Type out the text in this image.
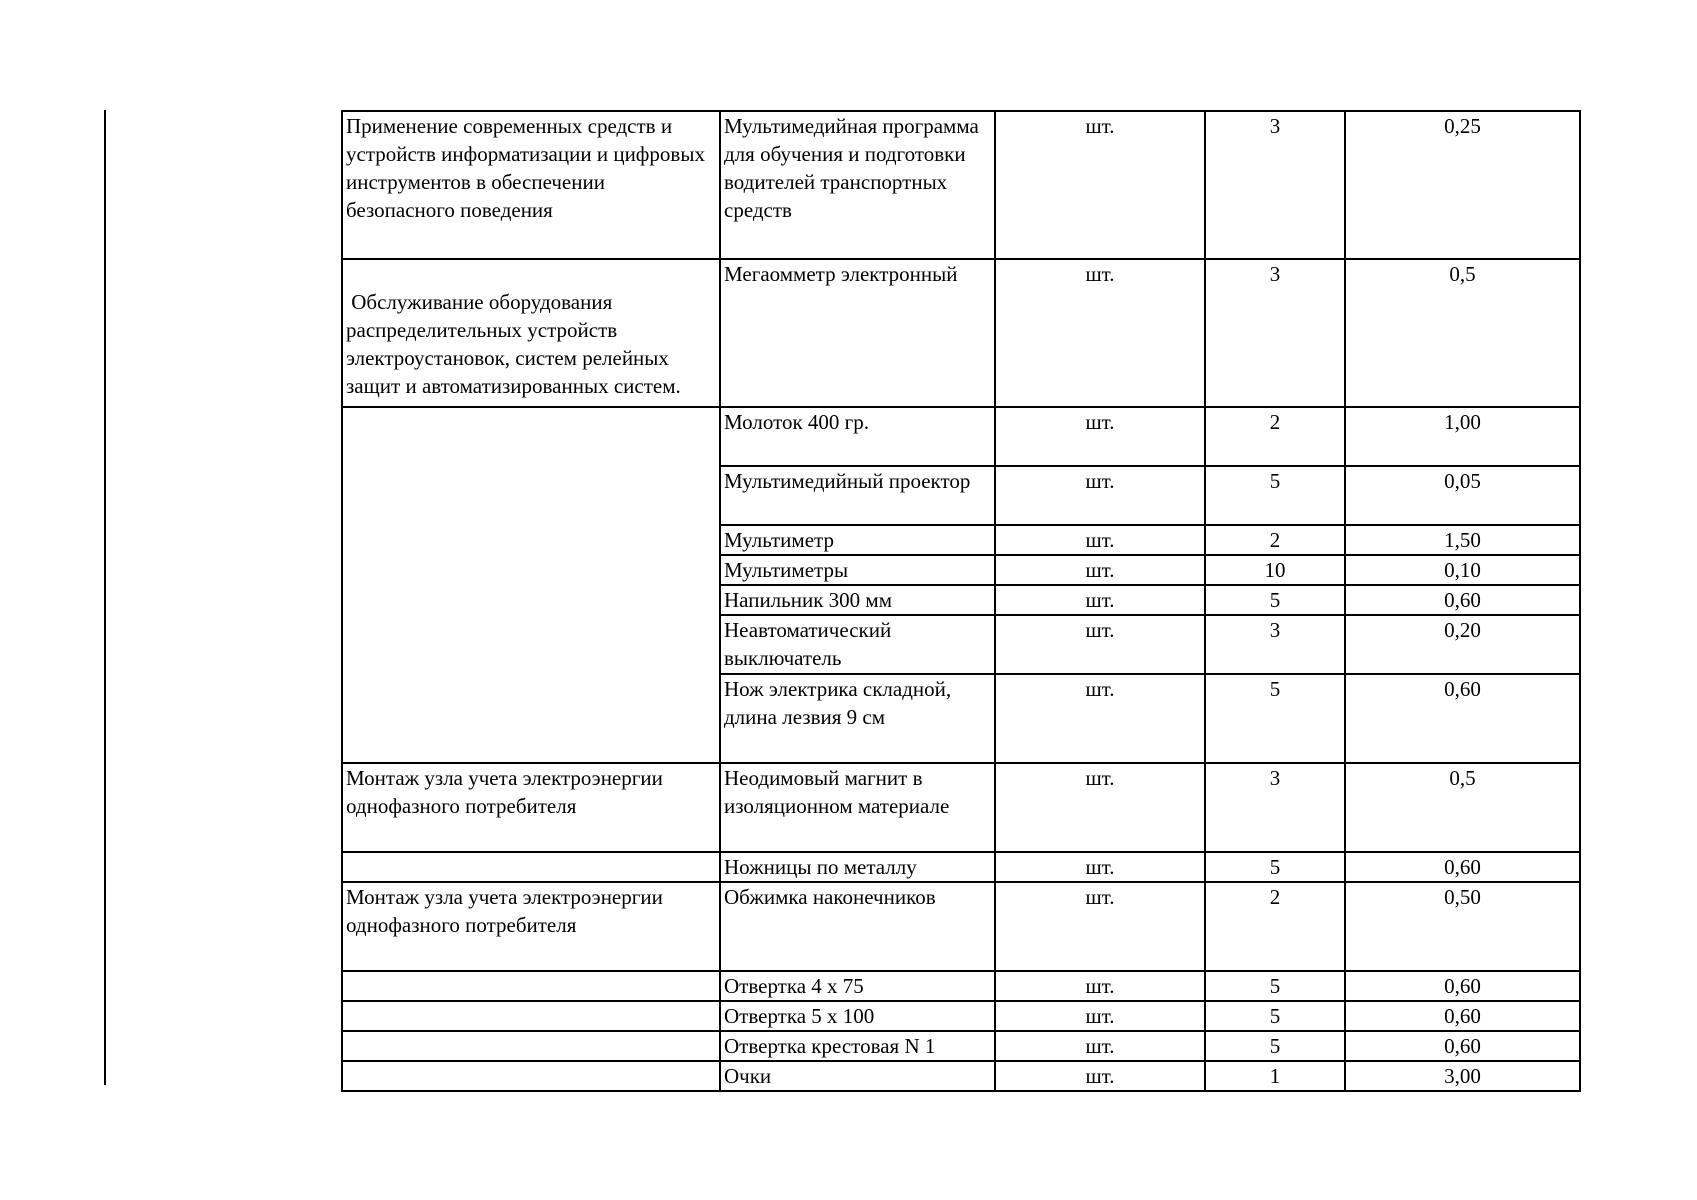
Применение современных средств и устройств информатизации и цифровых инструментов в обеспечении безопасного поведения	Мультимедийная программа для обучения и подготовки водителей транспортных средств	шт.	3	0,25
Обслуживание оборудования распределительных устройств электроустановок, систем релейных защит и автоматизированных систем.	Мегаомметр электронный	шт.	3	0,5
	Молоток 400 гр.	шт.	2	1,00
	Мультимедийный проектор	шт.	5	0,05
	Мультиметр	шт.	2	1,50
	Мультиметры	шт.	10	0,10
	Напильник 300 мм	шт.	5	0,60
	Неавтоматический выключатель	шт.	3	0,20
	Нож электрика складной, длина лезвия 9 см	шт.	5	0,60
Монтаж узла учета электроэнергии однофазного потребителя	Неодимовый магнит в изоляционном материале	шт.	3	0,5
	Ножницы по металлу	шт.	5	0,60
Монтаж узла учета электроэнергии однофазного потребителя	Обжимка наконечников	шт.	2	0,50
	Отвертка 4 х 75	шт.	5	0,60
	Отвертка 5 х 100	шт.	5	0,60
	Отвертка крестовая N 1	шт.	5	0,60
	Очки	шт.	1	3,00
